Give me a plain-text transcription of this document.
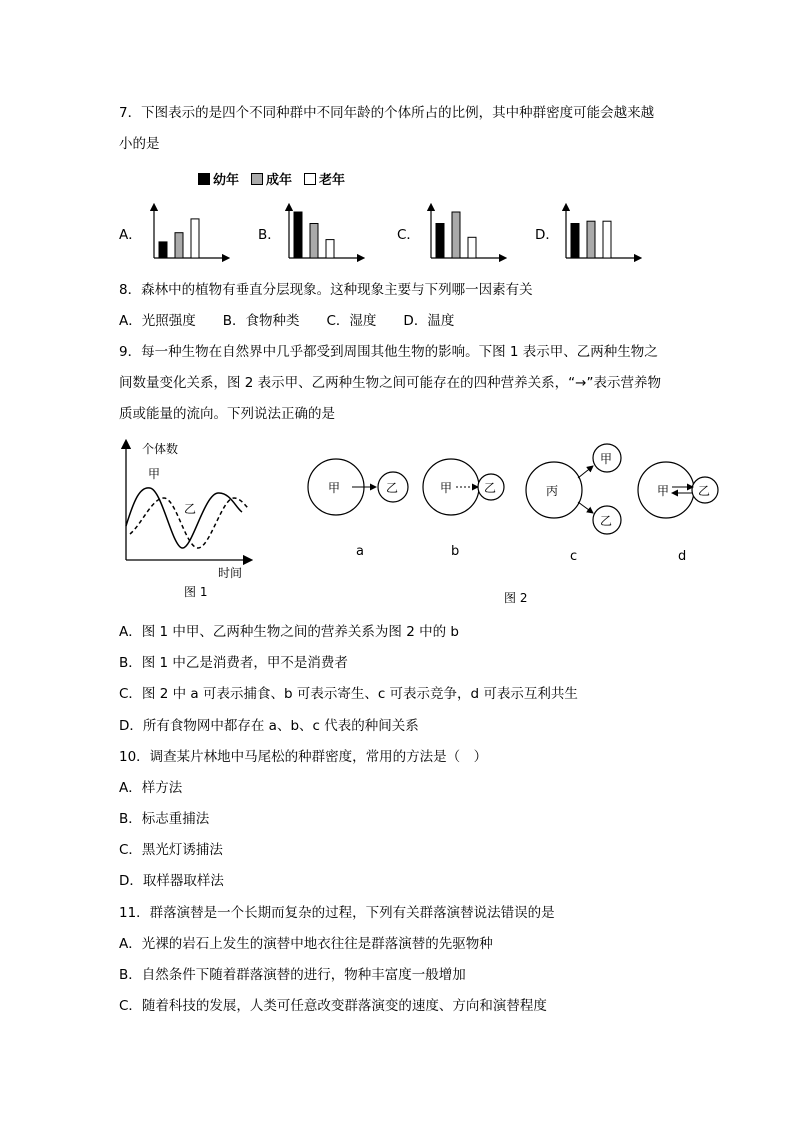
7．下图表示的是四个不同种群中不同年龄的个体所占的比例，其中种群密度可能会越来越
小的是
幼年	成年	老年
A．	B．	C．	D．
8．森林中的植物有垂直分层现象。这种现象主要与下列哪一因素有关
A．光照强度　　B．食物种类　　C．湿度　　D．温度
9．每一种生物在自然界中几乎都受到周围其他生物的影响。下图 1 表示甲、乙两种生物之
间数量变化关系，图 2 表示甲、乙两种生物之间可能存在的四种营养关系，“→”表示营养物
质或能量的流向。下列说法正确的是
个体数
时间
甲
乙
图 1
甲	乙
a
甲	乙
b
丙
甲
乙
c
甲 乙
d
图 2
A．图 1 中甲、乙两种生物之间的营养关系为图 2 中的 b
B．图 1 中乙是消费者，甲不是消费者
C．图 2 中 a 可表示捕食、b 可表示寄生、c 可表示竞争，d 可表示互利共生
D．所有食物网中都存在 a、b、c 代表的种间关系
10．调查某片林地中马尾松的种群密度，常用的方法是（　）
A．样方法
B．标志重捕法
C．黑光灯诱捕法
D．取样器取样法
11．群落演替是一个长期而复杂的过程，下列有关群落演替说法错误的是
A．光裸的岩石上发生的演替中地衣往往是群落演替的先驱物种
B．自然条件下随着群落演替的进行，物种丰富度一般增加
C．随着科技的发展，人类可任意改变群落演变的速度、方向和演替程度
